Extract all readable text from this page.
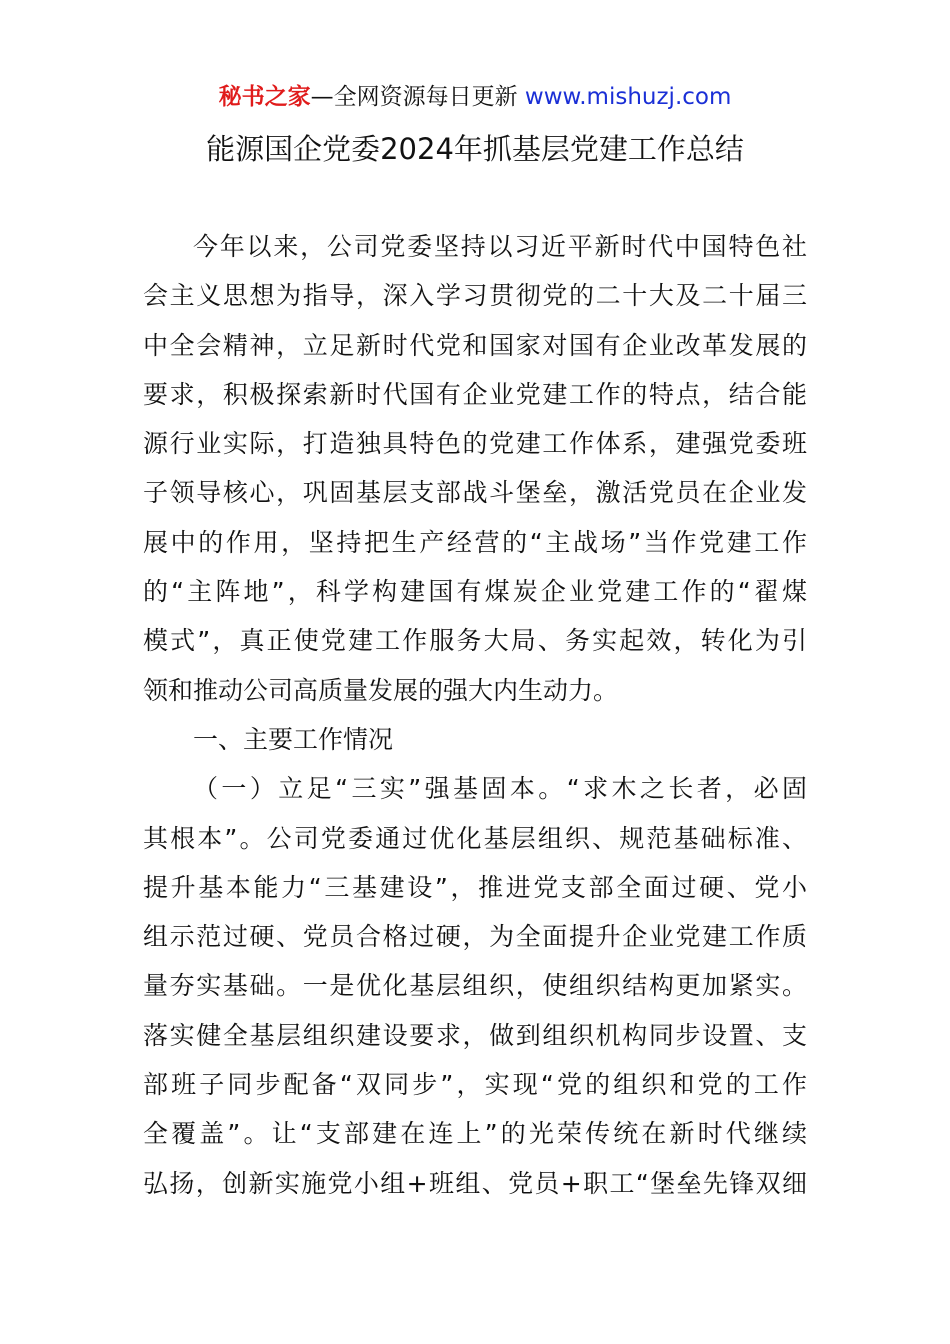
秘书之家—全网资源每日更新 www.mishuzj.com
能源国企党委2024年抓基层党建工作总结
今年以来，公司党委坚持以习近平新时代中国特色社
会主义思想为指导，深入学习贯彻党的二十大及二十届三
中全会精神，立足新时代党和国家对国有企业改革发展的
要求，积极探索新时代国有企业党建工作的特点，结合能
源行业实际，打造独具特色的党建工作体系，建强党委班
子领导核心，巩固基层支部战斗堡垒，激活党员在企业发
展中的作用，坚持把生产经营的“主战场”当作党建工作
的“主阵地”，科学构建国有煤炭企业党建工作的“翟煤
模式”，真正使党建工作服务大局、务实起效，转化为引
领和推动公司高质量发展的强大内生动力。
一、主要工作情况
（一）立足“三实”强基固本。“求木之长者，必固
其根本”。公司党委通过优化基层组织、规范基础标准、
提升基本能力“三基建设”，推进党支部全面过硬、党小
组示范过硬、党员合格过硬，为全面提升企业党建工作质
量夯实基础。一是优化基层组织，使组织结构更加紧实。
落实健全基层组织建设要求，做到组织机构同步设置、支
部班子同步配备“双同步”，实现“党的组织和党的工作
全覆盖”。让“支部建在连上”的光荣传统在新时代继续
弘扬，创新实施党小组+班组、党员+职工“堡垒先锋双细
